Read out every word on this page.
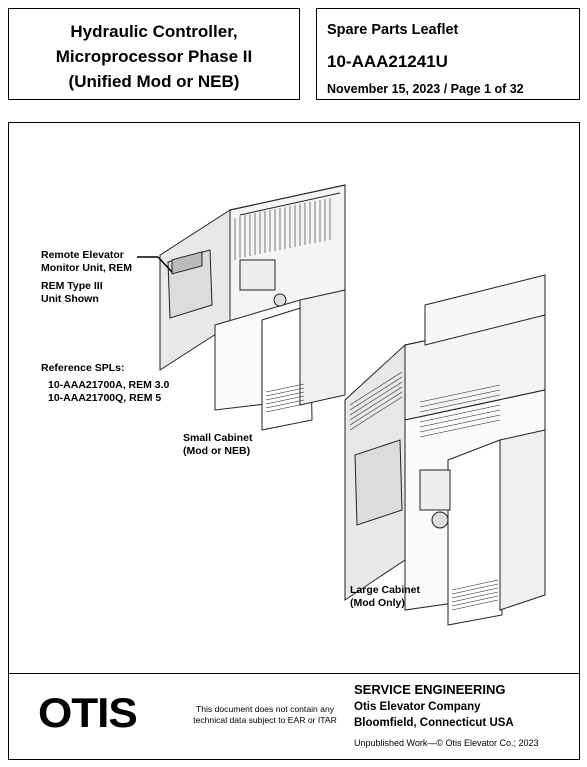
Hydraulic Controller,
Microprocessor Phase II
(Unified Mod or NEB)
Spare Parts Leaflet
10-AAA21241U
November 15, 2023 / Page 1 of 32
Remote Elevator
Monitor Unit, REM
REM Type III
Unit Shown
Reference SPLs:
10-AAA21700A, REM 3.0
10-AAA21700Q, REM 5
Small Cabinet
(Mod or NEB)
Large Cabinet
(Mod Only)
OTIS	This document does not contain any
technical data subject to EAR or ITAR
SERVICE ENGINEERING
Otis Elevator Company
Bloomfield, Connecticut USA
Unpublished Work—© Otis Elevator Co.; 2023
